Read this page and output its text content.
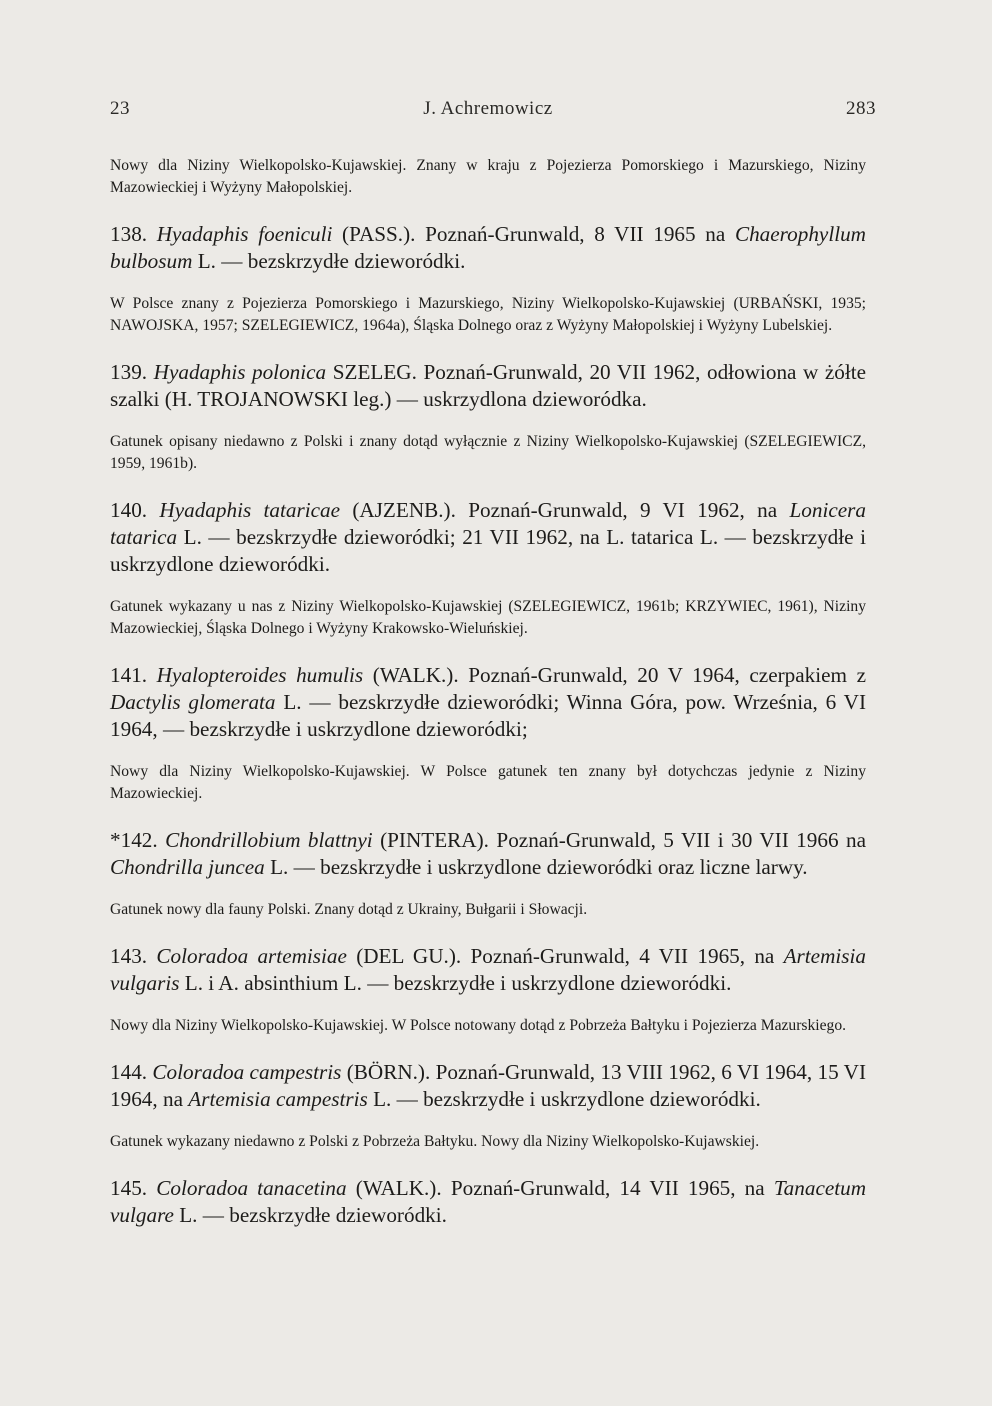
23	J. Achremowicz	283

Nowy dla Niziny Wielkopolsko-Kujawskiej. Znany w kraju z Pojezierza Pomorskiego i Mazurskiego, Niziny Mazowieckiej i Wyżyny Małopolskiej.

138. Hyadaphis foeniculi (PASS.). Poznań-Grunwald, 8 VII 1965 na Chaerophyllum bulbosum L. — bezskrzydłe dzieworódki.

W Polsce znany z Pojezierza Pomorskiego i Mazurskiego, Niziny Wielkopolsko-Kujawskiej (URBAŃSKI, 1935; NAWOJSKA, 1957; SZELEGIEWICZ, 1964a), Śląska Dolnego oraz z Wyżyny Małopolskiej i Wyżyny Lubelskiej.

139. Hyadaphis polonica SZELEG. Poznań-Grunwald, 20 VII 1962, odłowiona w żółte szalki (H. TROJANOWSKI leg.) — uskrzydlona dzieworódka.

Gatunek opisany niedawno z Polski i znany dotąd wyłącznie z Niziny Wielkopolsko-Kujawskiej (SZELEGIEWICZ, 1959, 1961b).

140. Hyadaphis tataricae (AJZENB.). Poznań-Grunwald, 9 VI 1962, na Lonicera tatarica L. — bezskrzydłe dzieworódki; 21 VII 1962, na L. tatarica L. — bezskrzydłe i uskrzydlone dzieworódki.

Gatunek wykazany u nas z Niziny Wielkopolsko-Kujawskiej (SZELEGIEWICZ, 1961b; KRZYWIEC, 1961), Niziny Mazowieckiej, Śląska Dolnego i Wyżyny Krakowsko-Wieluńskiej.

141. Hyalopteroides humulis (WALK.). Poznań-Grunwald, 20 V 1964, czerpakiem z Dactylis glomerata L. — bezskrzydłe dzieworódki; Winna Góra, pow. Września, 6 VI 1964, — bezskrzydłe i uskrzydlone dzieworódki;

Nowy dla Niziny Wielkopolsko-Kujawskiej. W Polsce gatunek ten znany był dotychczas jedynie z Niziny Mazowieckiej.

*142. Chondrillobium blattnyi (PINTERA). Poznań-Grunwald, 5 VII i 30 VII 1966 na Chondrilla juncea L. — bezskrzydłe i uskrzydlone dzieworódki oraz liczne larwy.

Gatunek nowy dla fauny Polski. Znany dotąd z Ukrainy, Bułgarii i Słowacji.

143. Coloradoa artemisiae (DEL GU.). Poznań-Grunwald, 4 VII 1965, na Artemisia vulgaris L. i A. absinthium L. — bezskrzydłe i uskrzydlone dzieworódki.

Nowy dla Niziny Wielkopolsko-Kujawskiej. W Polsce notowany dotąd z Pobrzeża Bałtyku i Pojezierza Mazurskiego.

144. Coloradoa campestris (BÖRN.). Poznań-Grunwald, 13 VIII 1962, 6 VI 1964, 15 VI 1964, na Artemisia campestris L. — bezskrzydłe i uskrzydlone dzieworódki.

Gatunek wykazany niedawno z Polski z Pobrzeża Bałtyku. Nowy dla Niziny Wielkopolsko-Kujawskiej.

145. Coloradoa tanacetina (WALK.). Poznań-Grunwald, 14 VII 1965, na Tanacetum vulgare L. — bezskrzydłe dzieworódki.
